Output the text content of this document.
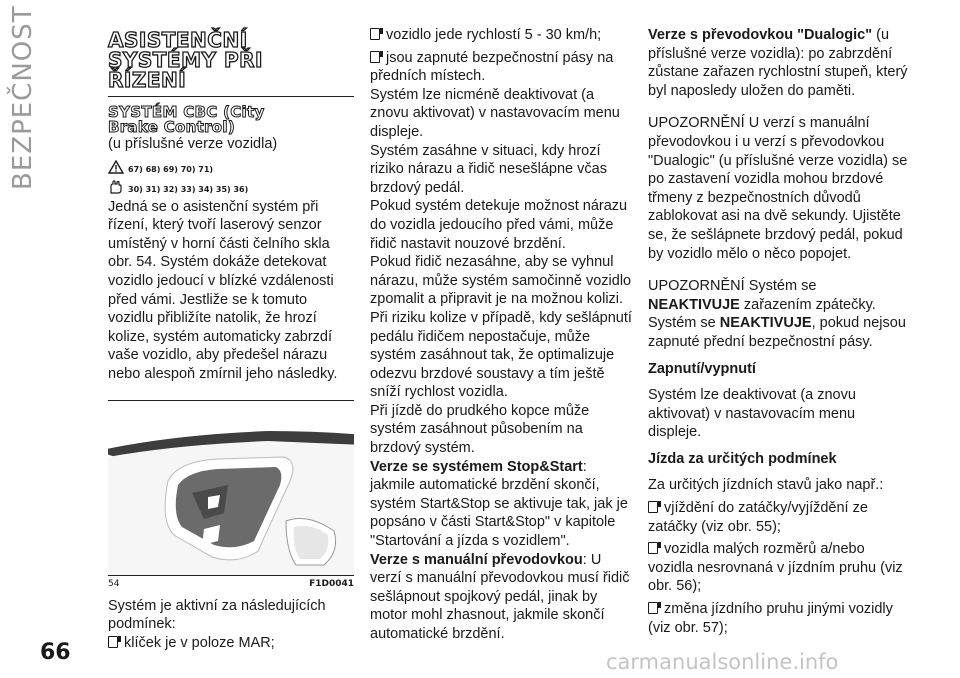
BEZPEČNOST	ASISTENČNÍ
SYSTÉMY PŘI
ŘÍZENÍ
SYSTÉM CBC (City
Brake Control)
(u příslušné verze vozidla)
67) 68) 69) 70) 71)
30) 31) 32) 33) 34) 35) 36)
Jedná se o asistenční systém při řízení, který tvoří laserový senzor umístěný v horní části čelního skla obr. 54. Systém dokáže detekovat vozidlo jedoucí v blízké vzdálenosti před vámi. Jestliže se k tomuto vozidlu přibližíte natolik, že hrozí kolize, systém automaticky zabrzdí vaše vozidlo, aby předešel nárazu nebo alespoň zmírnil jeho následky.
54	F1D0041
Systém je aktivní za následujících podmínek:
klíček je v poloze MAR;
vozidlo jede rychlostí 5 - 30 km/h;
jsou zapnuté bezpečnostní pásy na předních místech.
Systém lze nicméně deaktivovat (a znovu aktivovat) v nastavovacím menu displeje.
Systém zasáhne v situaci, kdy hrozí riziko nárazu a řidič nesešlápne včas brzdový pedál.
Pokud systém detekuje možnost nárazu do vozidla jedoucího před vámi, může řidič nastavit nouzové brzdění.
Pokud řidič nezasáhne, aby se vyhnul nárazu, může systém samočinně vozidlo zpomalit a připravit je na možnou kolizi.
Při riziku kolize v případě, kdy sešlápnutí pedálu řidičem nepostačuje, může systém zasáhnout tak, že optimalizuje odezvu brzdové soustavy a tím ještě sníží rychlost vozidla.
Při jízdě do prudkého kopce může systém zasáhnout působením na brzdový systém.
Verze se systémem Stop&Start: jakmile automatické brzdění skončí, systém Start&Stop se aktivuje tak, jak je popsáno v části Start&Stop" v kapitole "Startování a jízda s vozidlem".
Verze s manuální převodovkou: U verzí s manuální převodovkou musí řidič sešlápnout spojkový pedál, jinak by motor mohl zhasnout, jakmile skončí automatické brzdění.
Verze s převodovkou "Dualogic" (u příslušné verze vozidla): po zabrzdění zůstane zařazen rychlostní stupeň, který byl naposledy uložen do paměti.
UPOZORNĚNÍ U verzí s manuální převodovkou i u verzí s převodovkou "Dualogic" (u příslušné verze vozidla) se po zastavení vozidla mohou brzdové třmeny z bezpečnostních důvodů zablokovat asi na dvě sekundy. Ujistěte se, že sešlápnete brzdový pedál, pokud by vozidlo mělo o něco popojet.
UPOZORNĚNÍ Systém se NEAKTIVUJE zařazením zpátečky. Systém se NEAKTIVUJE, pokud nejsou zapnuté přední bezpečnostní pásy.
Zapnutí/vypnutí
Systém lze deaktivovat (a znovu aktivovat) v nastavovacím menu displeje.
Jízda za určitých podmínek
Za určitých jízdních stavů jako např.:
vjíždění do zatáčky/vyjíždění ze zatáčky (viz obr. 55);
vozidla malých rozměrů a/nebo vozidla nesrovnaná v jízdním pruhu (viz obr. 56);
změna jízdního pruhu jinými vozidly (viz obr. 57);
66	carmanualsonline.info
